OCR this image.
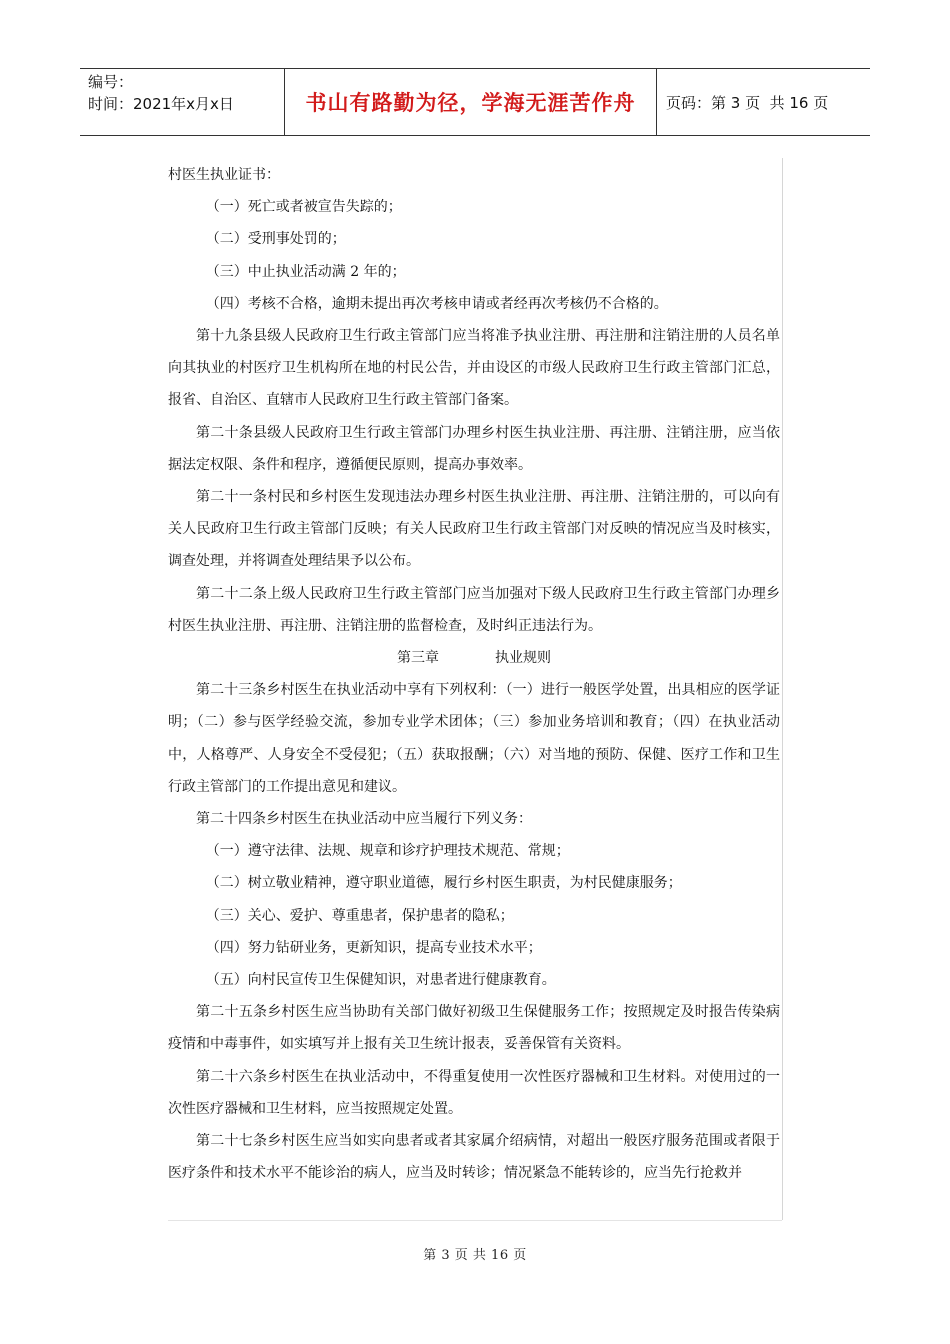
编号：
时间：2021年x月x日	书山有路勤为径，学海无涯苦作舟	页码：第 3 页  共 16 页

村医生执业证书：

（一）死亡或者被宣告失踪的；

（二）受刑事处罚的；

（三）中止执业活动满 2 年的；

（四）考核不合格，逾期未提出再次考核申请或者经再次考核仍不合格的。

第十九条县级人民政府卫生行政主管部门应当将准予执业注册、再注册和注销注册的人员名单向其执业的村医疗卫生机构所在地的村民公告，并由设区的市级人民政府卫生行政主管部门汇总，报省、自治区、直辖市人民政府卫生行政主管部门备案。

第二十条县级人民政府卫生行政主管部门办理乡村医生执业注册、再注册、注销注册，应当依据法定权限、条件和程序，遵循便民原则，提高办事效率。

第二十一条村民和乡村医生发现违法办理乡村医生执业注册、再注册、注销注册的，可以向有关人民政府卫生行政主管部门反映；有关人民政府卫生行政主管部门对反映的情况应当及时核实，调查处理，并将调查处理结果予以公布。

第二十二条上级人民政府卫生行政主管部门应当加强对下级人民政府卫生行政主管部门办理乡村医生执业注册、再注册、注销注册的监督检查，及时纠正违法行为。

第三章	执业规则

第二十三条乡村医生在执业活动中享有下列权利：（一）进行一般医学处置，出具相应的医学证明；（二）参与医学经验交流，参加专业学术团体；（三）参加业务培训和教育；（四）在执业活动中，人格尊严、人身安全不受侵犯；（五）获取报酬；（六）对当地的预防、保健、医疗工作和卫生行政主管部门的工作提出意见和建议。

第二十四条乡村医生在执业活动中应当履行下列义务：

（一）遵守法律、法规、规章和诊疗护理技术规范、常规；

（二）树立敬业精神，遵守职业道德，履行乡村医生职责，为村民健康服务；

（三）关心、爱护、尊重患者，保护患者的隐私；

（四）努力钻研业务，更新知识，提高专业技术水平；

（五）向村民宣传卫生保健知识，对患者进行健康教育。

第二十五条乡村医生应当协助有关部门做好初级卫生保健服务工作；按照规定及时报告传染病疫情和中毒事件，如实填写并上报有关卫生统计报表，妥善保管有关资料。

第二十六条乡村医生在执业活动中，不得重复使用一次性医疗器械和卫生材料。对使用过的一次性医疗器械和卫生材料，应当按照规定处置。

第二十七条乡村医生应当如实向患者或者其家属介绍病情，对超出一般医疗服务范围或者限于医疗条件和技术水平不能诊治的病人，应当及时转诊；情况紧急不能转诊的，应当先行抢救并

第 3 页 共 16 页
